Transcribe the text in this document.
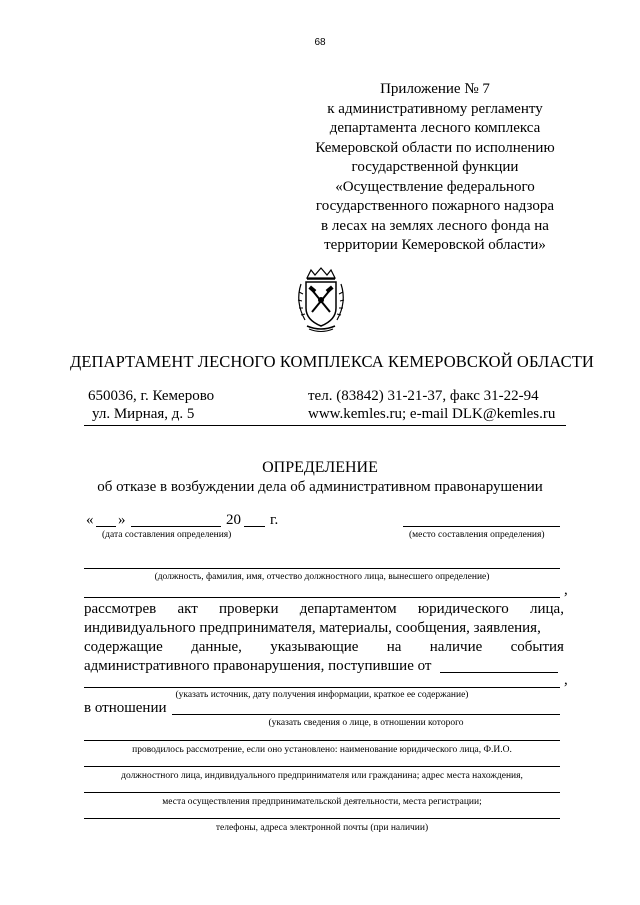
68
Приложение № 7
к административному регламенту
департамента лесного комплекса
Кемеровской области по исполнению
государственной функции
«Осуществление федерального
государственного пожарного надзора
в лесах на землях лесного фонда на
территории Кемеровской области»
ДЕПАРТАМЕНТ ЛЕСНОГО КОМПЛЕКСА КЕМЕРОВСКОЙ ОБЛАСТИ
650036, г. Кемерово
ул. Мирная, д. 5
тел. (83842) 31-21-37, факс 31-22-94
www.kemles.ru; e-mail DLK@kemles.ru
ОПРЕДЕЛЕНИЕ
об отказе в возбуждении дела об административном правонарушении
« »	20 г.
(дата составления определения)	(место составления определения)
(должность, фамилия, имя, отчество должностного лица, вынесшего определение)
,
рассмотрев акт проверки департаментом юридического лица,
индивидуального предпринимателя, материалы, сообщения, заявления,
содержащие данные, указывающие на наличие события
административного правонарушения, поступившие от
,
(указать источник, дату получения информации, краткое ее содержание)
в отношении
(указать сведения о лице, в отношении которого
проводилось рассмотрение, если оно установлено: наименование юридического лица, Ф.И.О.
должностного лица, индивидуального предпринимателя или гражданина; адрес места нахождения,
места осуществления предпринимательской деятельности, места регистрации;
телефоны, адреса электронной почты (при наличии)
